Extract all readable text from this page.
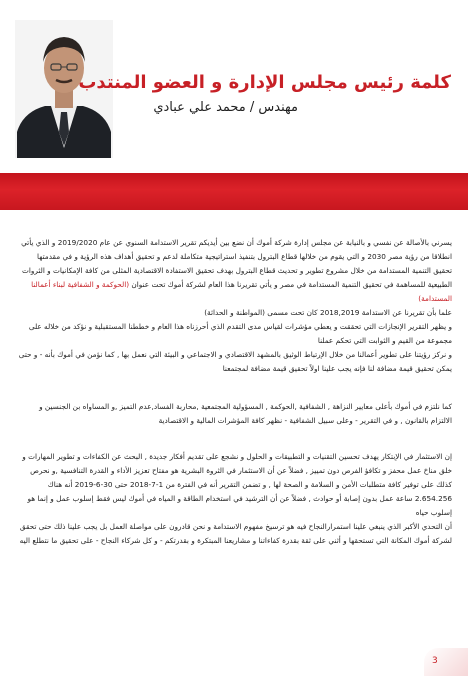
كلمة رئيس مجلس الإدارة و العضو المنتدب

مهندس / محمد علي عبادي

يسرني بالأصالة عن نفسي و بالنيابة عن مجلس إدارة شركة أموك أن نضع بين أيديكم تقرير الاستدامة السنوي عن عام 2019/2020 و الذي يأتي انطلاقا من رؤية مصر 2030 و التي يقوم من خلالها قطاع البترول بتنفيذ استراتيجية متكاملة لدعم و تحقيق أهداف هذه الرؤية و في مقدمتها تحقيق التنمية المستدامة من خلال مشروع تطوير و تحديث قطاع البترول بهدف تحقيق الاستفادة الاقتصادية المثلى من كافة الإمكانيات و الثروات الطبيعية للمساهمة في تحقيق التنمية المستدامة في مصر و يأتي تقريرنا هذا العام لشركة أموك تحت عنوان (الحوكمة و الشفافية لبناء أعمالنا المستدامة)

علما بأن تقريرنا عن الاستدامة 2018,2019 كان تحت مسمى (المواطنة و الحداثة)

و يظهر التقرير الإنجازات التي تحققت و يعطي مؤشرات لقياس مدى التقدم الذي أحرزناه هذا العام و خططنا المستقبلية و نؤكد من خلاله على مجموعة من القيم و الثوابت التي تحكم عملنا

و نركز رؤيتنا على تطوير أعمالنا من خلال الإرتباط الوثيق بالمشهد الاقتصادي و الاجتماعي و البيئة التي نعمل بها , كما نؤمن في أموك بأنه - و حتى يمكن تحقيق قيمة مضافة لنا فإنه يجب علينا اولاً تحقيق قيمة مضافة لمجتمعنا

كما نلتزم في أموك بأعلى معايير النزاهة , الشفافية ,الحوكمة , المسؤولية المجتمعية ,محاربة الفساد,عدم التميز ,و المساواه بن الجنسين و الالتزام بالقانون , و في التقرير - وعلى سبيل الشفافية - نظهر كافة المؤشرات المالية و الاقتصادية

إن الاستثمار في الإبتكار يهدف تحسين التقنيات و التطبيقات و الحلول و نشجع على تقديم أفكار جديدة , البحث عن الكفاءات و تطوير المهارات و خلق مناخ عمل محفز و تكافؤ الفرص دون تمييز , فضلاً عن أن الاستثمار في الثروة البشرية هو مفتاح تعزيز الأداء و القدرة التنافسية ,و نحرص كذلك على توفير كافة متطلبات الأمن و السلامة و الصحة لها , و تضمن التقرير أنه في الفترة من 1-7-2018 حتى 30-6-2019 أنه هناك 2.654.256 ساعة عمل بدون إصابة أو حوادث , فضلاً عن أن الترشيد في استخدام الطاقة و المياه في أموك ليس فقط إسلوب عمل و إنما هو إسلوب حياه

أن التحدي الأكبر الذي ينبغي علينا استمرارالنجاح فيه هو ترسيخ مفهوم الاستدامة و نحن قادرون على مواصلة العمل بل يجب علينا ذلك حتى تحقق لشركة أموك المكانة التي تستحقها و أثني على ثقة بقدرة كفاءاتنا و مشاريعنا المبتكرة و بقدرتكم - و كل شركاء النجاح - على تحقيق ما نتطلع اليه

3
